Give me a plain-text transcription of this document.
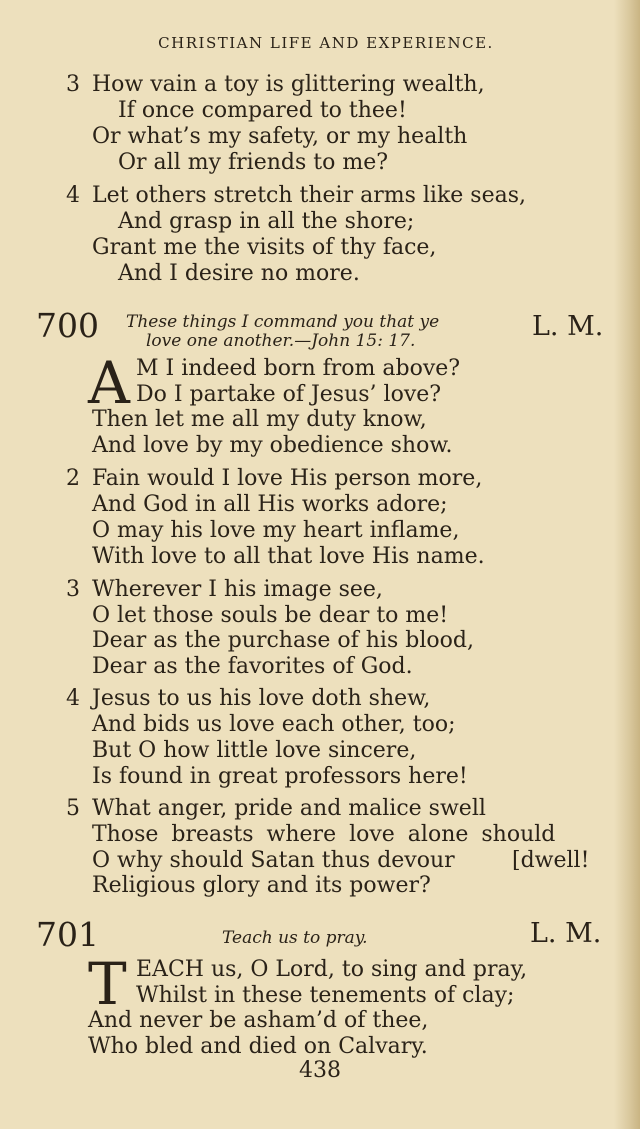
CHRISTIAN LIFE AND EXPERIENCE.
3 How vain a toy is glittering wealth,
If once compared to thee!
Or what’s my safety, or my health
Or all my friends to me?
4 Let others stretch their arms like seas,
And grasp in all the shore;
Grant me the visits of thy face,
And I desire no more.
700 These things I command you that ye
love one another.—John 15: 17.	L. M.
A M I indeed born from above?
Do I partake of Jesus’ love?
Then let me all my duty know,
And love by my obedience show.
2 Fain would I love His person more,
And God in all His works adore;
O may his love my heart inflame,
With love to all that love His name.
3 Wherever I his image see,
O let those souls be dear to me!
Dear as the purchase of his blood,
Dear as the favorites of God.
4 Jesus to us his love doth shew,
And bids us love each other, too;
But O how little love sincere,
Is found in great professors here!
5 What anger, pride and malice swell
Those breasts where love alone should
O why should Satan thus devour	[dwell!
Religious glory and its power?
701	Teach us to pray.	L. M.
T EACH us, O Lord, to sing and pray,
Whilst in these tenements of clay;
And never be asham’d of thee,
Who bled and died on Calvary.
438
